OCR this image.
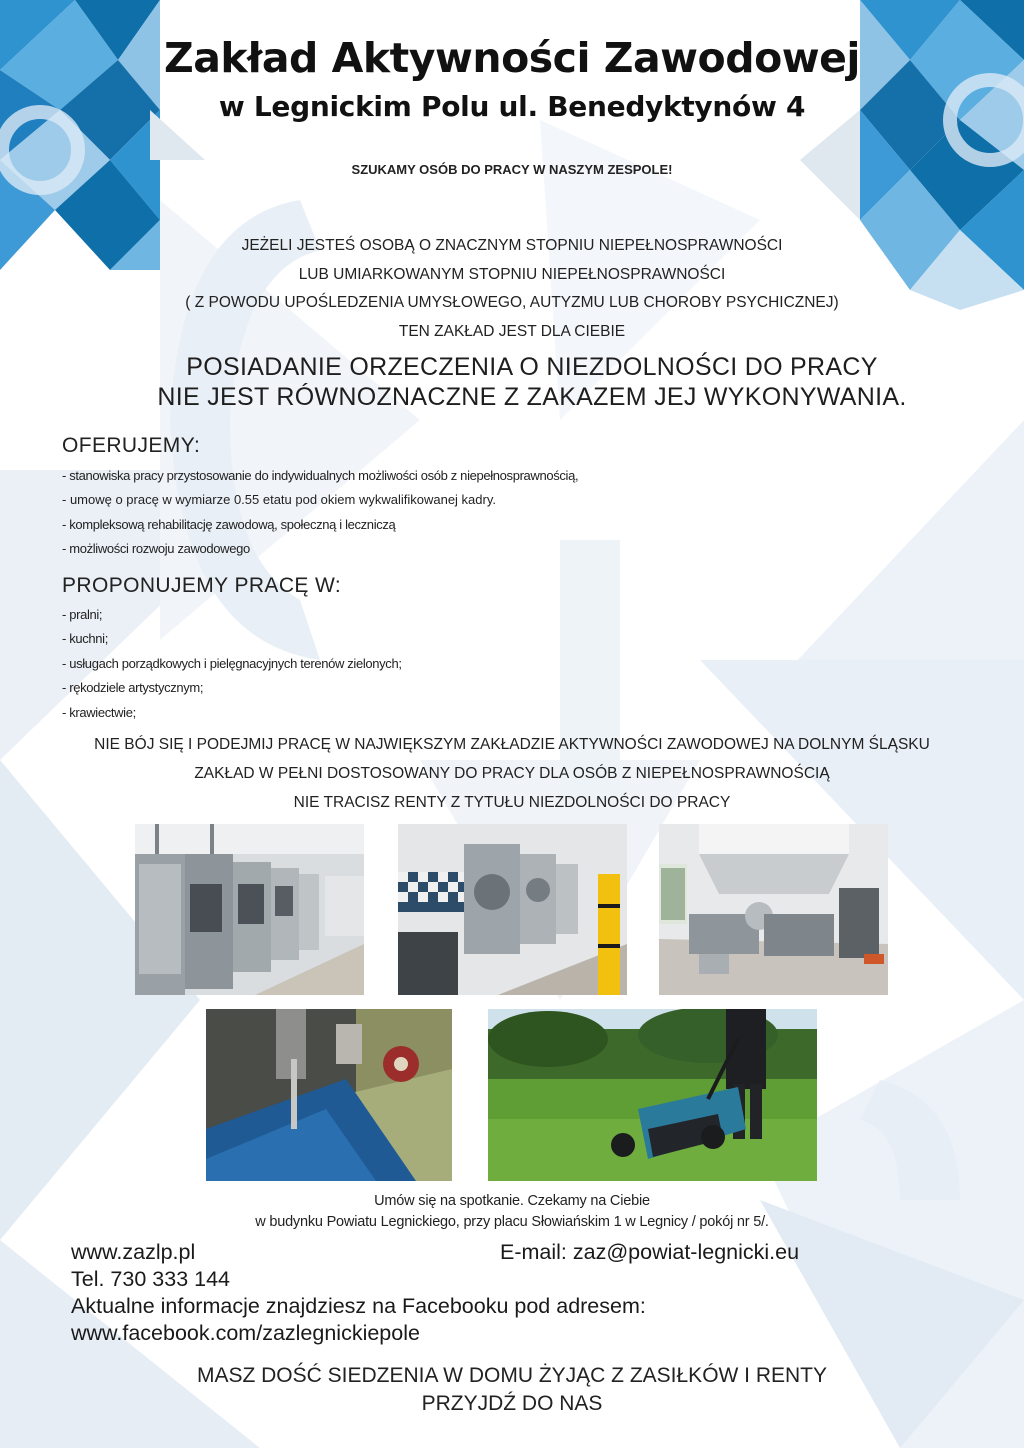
Zakład Aktywności Zawodowej
w Legnickim Polu ul. Benedyktynów 4
SZUKAMY OSÓB DO PRACY W NASZYM ZESPOLE!
JEŻELI JESTEŚ OSOBĄ O ZNACZNYM STOPNIU NIEPEŁNOSPRAWNOŚCI
LUB UMIARKOWANYM STOPNIU NIEPEŁNOSPRAWNOŚCI
( Z POWODU UPOŚLEDZENIA UMYSŁOWEGO, AUTYZMU LUB CHOROBY PSYCHICZNEJ)
TEN ZAKŁAD JEST DLA CIEBIE
POSIADANIE ORZECZENIA O NIEZDOLNOŚCI DO PRACY
NIE JEST RÓWNOZNACZNE Z ZAKAZEM JEJ WYKONYWANIA.
OFERUJEMY:
- stanowiska pracy przystosowanie do indywidualnych możliwości osób z niepełnosprawnością,
- umowę o pracę w wymiarze 0.55 etatu pod okiem wykwalifikowanej kadry.
- kompleksową rehabilitację zawodową, społeczną i leczniczą
- możliwości rozwoju zawodowego
PROPONUJEMY PRACĘ W:
- pralni;
- kuchni;
- usługach porządkowych i pielęgnacyjnych terenów zielonych;
- rękodziele artystycznym;
- krawiectwie;
NIE BÓJ SIĘ I PODEJMIJ PRACĘ W NAJWIĘKSZYM ZAKŁADZIE AKTYWNOŚCI ZAWODOWEJ NA DOLNYM ŚLĄSKU
ZAKŁAD W PEŁNI DOSTOSOWANY DO PRACY DLA OSÓB Z NIEPEŁNOSPRAWNOŚCIĄ
NIE TRACISZ RENTY Z TYTUŁU NIEZDOLNOŚCI DO PRACY
Umów się na spotkanie. Czekamy na Ciebie
w budynku Powiatu Legnickiego, przy placu Słowiańskim 1 w Legnicy / pokój nr 5/.
www.zazlp.pl	E-mail: zaz@powiat-legnicki.eu
Tel. 730 333 144
Aktualne informacje znajdziesz na Facebooku pod adresem:
www.facebook.com/zazlegnickiepole
MASZ DOŚĆ SIEDZENIA W DOMU ŻYJĄC Z ZASIŁKÓW I RENTY
PRZYJDŹ DO NAS
